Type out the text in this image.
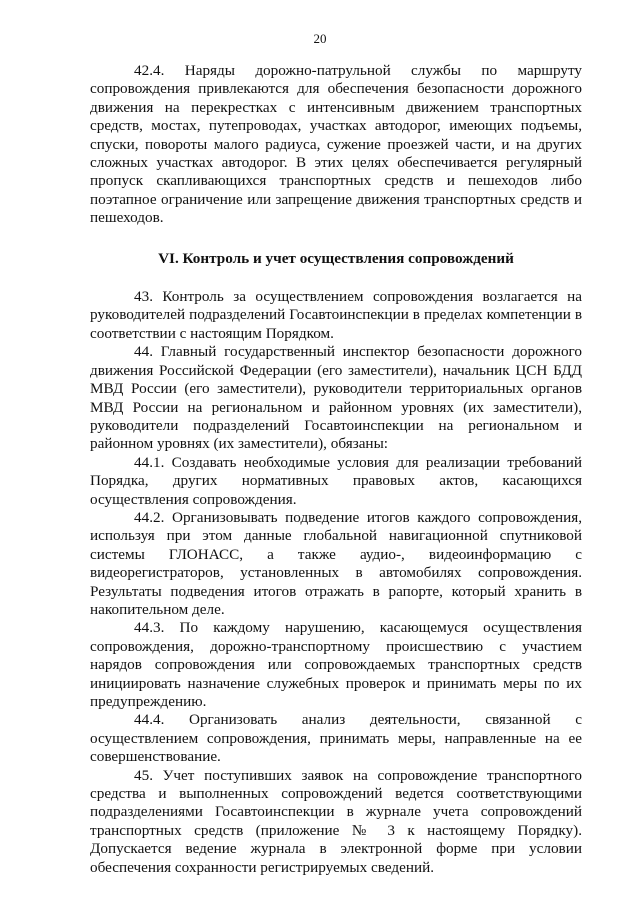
20

42.4. Наряды дорожно-патрульной службы по маршруту сопровождения привлекаются для обеспечения безопасности дорожного движения на перекрестках с интенсивным движением транспортных средств, мостах, путепроводах, участках автодорог, имеющих подъемы, спуски, повороты малого радиуса, сужение проезжей части, и на других сложных участках автодорог. В этих целях обеспечивается регулярный пропуск скапливающихся транспортных средств и пешеходов либо поэтапное ограничение или запрещение движения транспортных средств и пешеходов.

VI. Контроль и учет осуществления сопровождений

43. Контроль за осуществлением сопровождения возлагается на руководителей подразделений Госавтоинспекции в пределах компетенции в соответствии с настоящим Порядком.

44. Главный государственный инспектор безопасности дорожного движения Российской Федерации (его заместители), начальник ЦСН БДД МВД России (его заместители), руководители территориальных органов МВД России на региональном и районном уровнях (их заместители), руководители подразделений Госавтоинспекции на региональном и районном уровнях (их заместители), обязаны:

44.1. Создавать необходимые условия для реализации требований Порядка, других нормативных правовых актов, касающихся осуществления сопровождения.

44.2. Организовывать подведение итогов каждого сопровождения, используя при этом данные глобальной навигационной спутниковой системы ГЛОНАСС, а также аудио-, видеоинформацию с видеорегистраторов, установленных в автомобилях сопровождения. Результаты подведения итогов отражать в рапорте, который хранить в накопительном деле.

44.3. По каждому нарушению, касающемуся осуществления сопровождения, дорожно-транспортному происшествию с участием нарядов сопровождения или сопровождаемых транспортных средств инициировать назначение служебных проверок и принимать меры по их предупреждению.

44.4. Организовать анализ деятельности, связанной с осуществлением сопровождения, принимать меры, направленные на ее совершенствование.

45. Учет поступивших заявок на сопровождение транспортного средства и выполненных сопровождений ведется соответствующими подразделениями Госавтоинспекции в журнале учета сопровождений транспортных средств (приложение № 3 к настоящему Порядку). Допускается ведение журнала в электронной форме при условии обеспечения сохранности регистрируемых сведений.
